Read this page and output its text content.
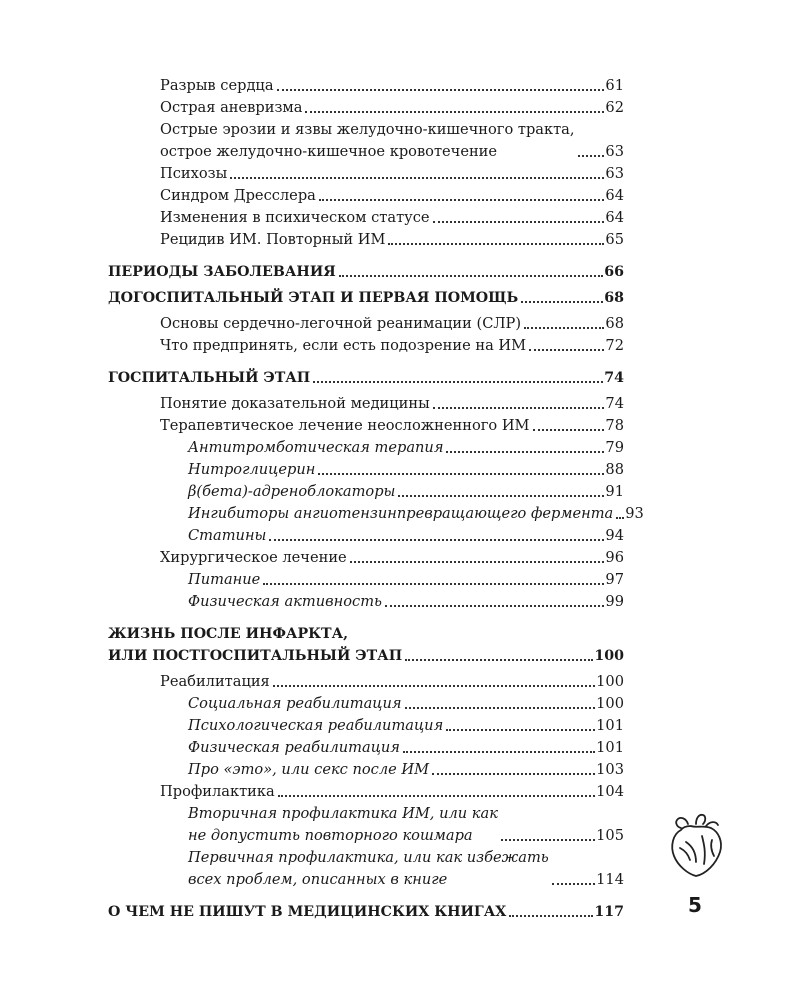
Разрыв сердца	61
Острая аневризма	62
Острые эрозии и язвы желудочно-кишечного тракта,
острое желудочно-кишечное кровотечение	63
Психозы	63
Синдром Дресслера	64
Изменения в психическом статусе	64
Рецидив ИМ. Повторный ИМ	65
ПЕРИОДЫ ЗАБОЛЕВАНИЯ	66
ДОГОСПИТАЛЬНЫЙ ЭТАП И ПЕРВАЯ ПОМОЩЬ	68
Основы сердечно-легочной реанимации (СЛР)	68
Что предпринять, если есть подозрение на ИМ	72
ГОСПИТАЛЬНЫЙ ЭТАП	74
Понятие доказательной медицины	74
Терапевтическое лечение неосложненного ИМ	78
Антитромботическая терапия	79
Нитроглицерин	88
β(бета)-адреноблокаторы	91
Ингибиторы ангиотензинпревращающего фермента 93
Статины	94
Хирургическое лечение	96
Питание	97
Физическая активность	99
ЖИЗНЬ ПОСЛЕ ИНФАРКТА,
ИЛИ ПОСТГОСПИТАЛЬНЫЙ ЭТАП	100
Реабилитация	100
Социальная реабилитация	100
Психологическая реабилитация	101
Физическая реабилитация	101
Про «это», или секс после ИМ	103
Профилактика	104
Вторичная профилактика ИМ, или как
не допустить повторного кошмара	105
Первичная профилактика, или как избежать
всех проблем, описанных в книге	114
О ЧЕМ НЕ ПИШУТ В МЕДИЦИНСКИХ КНИГАХ	117	5
